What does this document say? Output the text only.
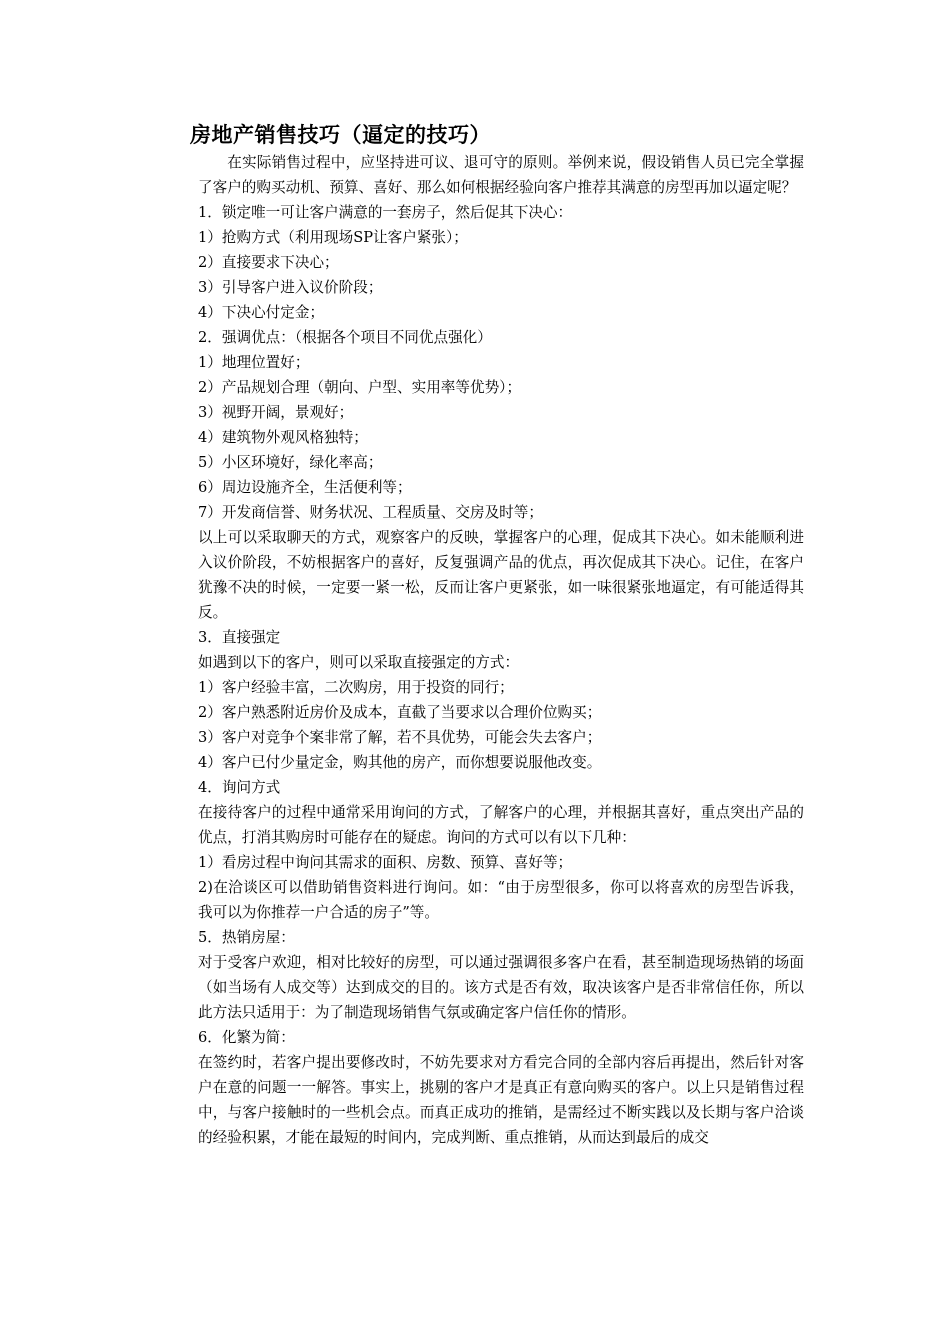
房地产销售技巧（逼定的技巧）

在实际销售过程中，应坚持进可议、退可守的原则。举例来说，假设销售人员已完全掌握了客户的购买动机、预算、喜好、那么如何根据经验向客户推荐其满意的房型再加以逼定呢？

1．锁定唯一可让客户满意的一套房子，然后促其下决心：

1）抢购方式（利用现场SP让客户紧张）；

2）直接要求下决心；

3）引导客户进入议价阶段；

4）下决心付定金；

2．强调优点：（根据各个项目不同优点强化）

1）地理位置好；

2）产品规划合理（朝向、户型、实用率等优势）；

3）视野开阔，景观好；

4）建筑物外观风格独特；

5）小区环境好，绿化率高；

6）周边设施齐全，生活便利等；

7）开发商信誉、财务状况、工程质量、交房及时等；

以上可以采取聊天的方式，观察客户的反映，掌握客户的心理，促成其下决心。如未能顺利进入议价阶段，不妨根据客户的喜好，反复强调产品的优点，再次促成其下决心。记住，在客户犹豫不决的时候，一定要一紧一松，反而让客户更紧张，如一味很紧张地逼定，有可能适得其反。

3．直接强定

如遇到以下的客户，则可以采取直接强定的方式：

1）客户经验丰富，二次购房，用于投资的同行；

2）客户熟悉附近房价及成本，直截了当要求以合理价位购买；

3）客户对竞争个案非常了解，若不具优势，可能会失去客户；

4）客户已付少量定金，购其他的房产，而你想要说服他改变。

4．询问方式

在接待客户的过程中通常采用询问的方式，了解客户的心理，并根据其喜好，重点突出产品的优点，打消其购房时可能存在的疑虑。询问的方式可以有以下几种：

1）看房过程中询问其需求的面积、房数、预算、喜好等；

2)在洽谈区可以借助销售资料进行询问。如：“由于房型很多，你可以将喜欢的房型告诉我，我可以为你推荐一户合适的房子”等。

5．热销房屋：

对于受客户欢迎，相对比较好的房型，可以通过强调很多客户在看，甚至制造现场热销的场面（如当场有人成交等）达到成交的目的。该方式是否有效，取决该客户是否非常信任你，所以此方法只适用于：为了制造现场销售气氛或确定客户信任你的情形。

6．化繁为简：

在签约时，若客户提出要修改时，不妨先要求对方看完合同的全部内容后再提出，然后针对客户在意的问题一一解答。事实上，挑剔的客户才是真正有意向购买的客户。以上只是销售过程中，与客户接触时的一些机会点。而真正成功的推销，是需经过不断实践以及长期与客户洽谈的经验积累，才能在最短的时间内，完成判断、重点推销，从而达到最后的成交
